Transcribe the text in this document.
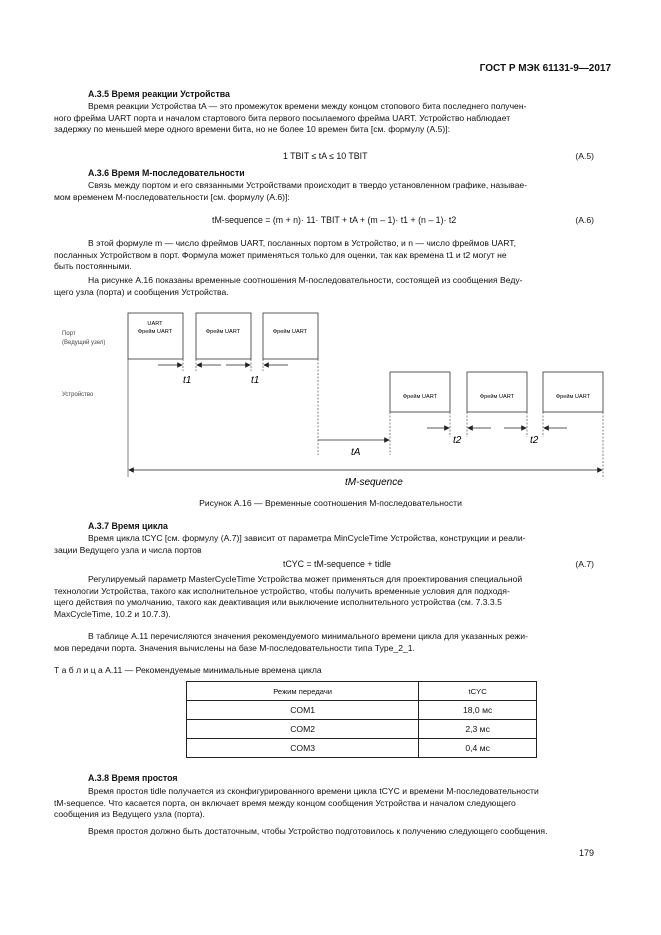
ГОСТ Р МЭК 61131-9—2017
А.3.5 Время реакции Устройства
Время реакции Устройства tA — это промежуток времени между концом стопового бита последнего получен-
ного фрейма UART порта и началом стартового бита первого посылаемого фрейма UART. Устройство наблюдает
задержку по меньшей мере одного времени бита, но не более 10 времен бита [см. формулу (А.5)]:
1 TBIT ≤ tA ≤ 10 TBIT	(A.5)
А.3.6 Время M-последовательности
Связь между портом и его связанными Устройствами происходит в твердо установленном графике, называе-
мом временем M-последовательности [см. формулу (А.6)]:
tM-sequence = (m + n)· 11· TBIT + tA + (m – 1)· t1 + (n – 1)· t2	(A.6)
В этой формуле m — число фреймов UART, посланных портом в Устройство, и n — число фреймов UART,
посланных Устройством в порт. Формула может применяться только для оценки, так как времена t1 и t2 могут не
быть постоянными.
На рисунке А.16 показаны временные соотношения M-последовательности, состоящей из сообщения Веду-
щего узла (порта) и сообщения Устройства.
Порт
(Ведущий узел)
Устройство
UART
Фрейм UART	Фрейм UART	Фрейм UART
t1	t1
Фрейм UART	Фрейм UART	Фрейм UART
tA
t2	t2
tM-sequence
Рисунок А.16 — Временные соотношения M-последовательности
А.3.7 Время цикла
Время цикла tCYC [см. формулу (А.7)] зависит от параметра MinCycleTime Устройства, конструкции и реали-
зации Ведущего узла и числа портов
tCYC = tM-sequence + tidle	(A.7)
Регулируемый параметр MasterCycleTime Устройства может применяться для проектирования специальной
технологии Устройства, такого как исполнительное устройство, чтобы получить временные условия для подходя-
щего действия по умолчанию, такого как деактивация или выключение исполнительного устройства (см. 7.3.3.5
MaxCycleTime, 10.2 и 10.7.3).
В таблице А.11 перечисляются значения рекомендуемого минимального времени цикла для указанных режи-
мов передачи порта. Значения вычислены на базе M-последовательности типа Type_2_1.
Т а б л и ц а А.11 — Рекомендуемые минимальные времена цикла
Режим передачи	tCYC
COM1	18,0 мс
COM2	2,3 мс
COM3	0,4 мс
А.3.8 Время простоя
Время простоя tidle получается из сконфигурированного времени цикла tCYC и времени M-последовательности
tM-sequence. Что касается порта, он включает время между концом сообщения Устройства и началом следующего
сообщения из Ведущего узла (порта).
Время простоя должно быть достаточным, чтобы Устройство подготовилось к получению следующего сообщения.
179
